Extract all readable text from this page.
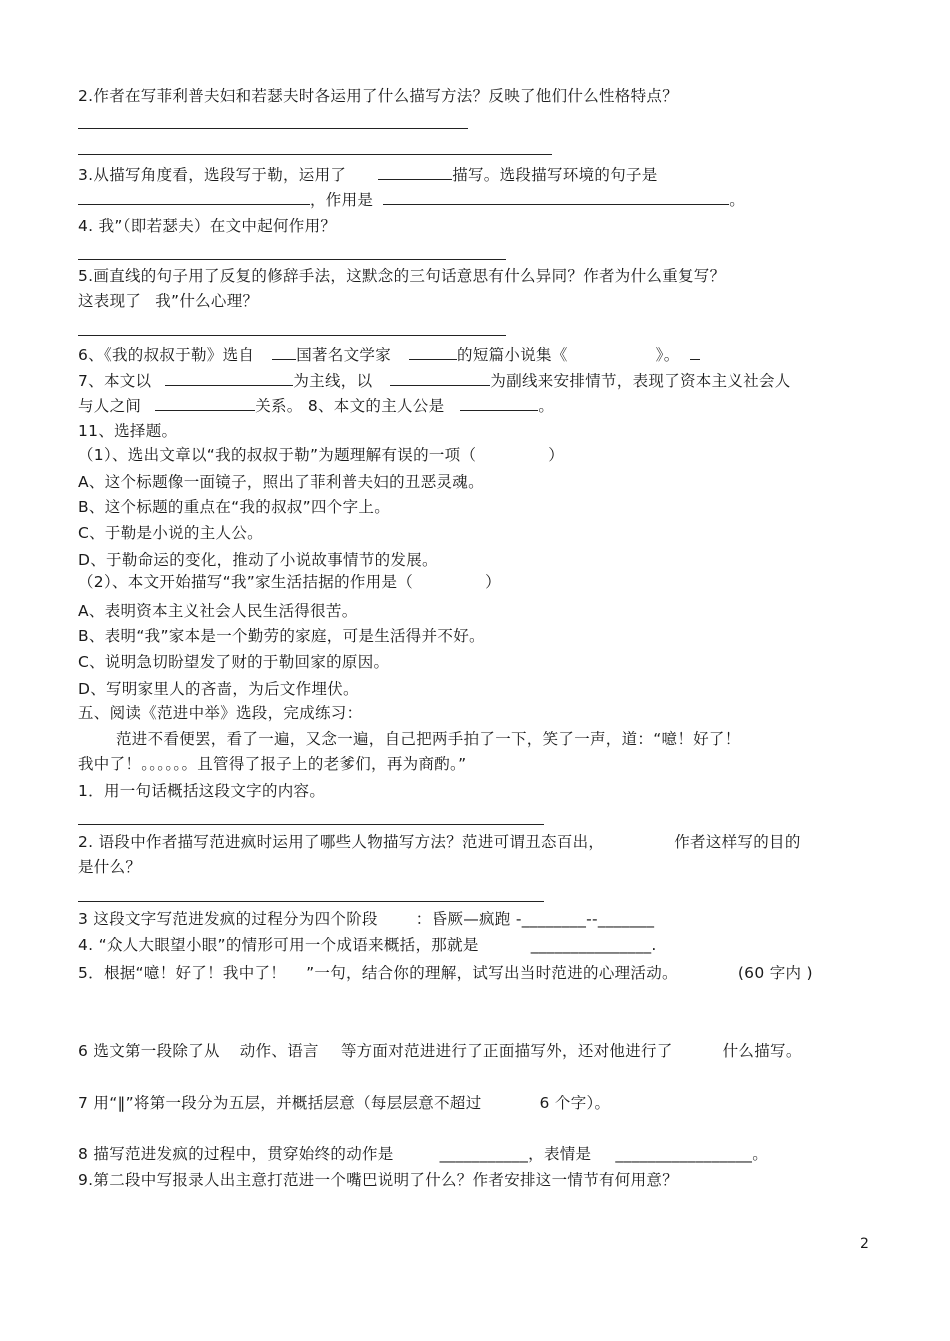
2.作者在写菲利普夫妇和若瑟夫时各运用了什么描写方法？反映了他们什么性格特点？
3.从描写角度看，选段写于勒，运用了	描写。选段描写环境的句子是
，作用是	。
4. 我”（即若瑟夫）在文中起何作用？
5.画直线的句子用了反复的修辞手法，这默念的三句话意思有什么异同？作者为什么重复写？
这表现了 我”什么心理？
6、《我的叔叔于勒》选自	国著名文学家	的短篇小说集《	》。
7、本文以	为主线，以	为副线来安排情节，表现了资本主义社会人
与人之间	关系。 8、本文的主人公是	。
11、选择题。
（1）、选出文章以“我的叔叔于勒”为题理解有误的一项（	）
A、这个标题像一面镜子，照出了菲利普夫妇的丑恶灵魂。
B、这个标题的重点在“我的叔叔”四个字上。
C、于勒是小说的主人公。
D、于勒命运的变化，推动了小说故事情节的发展。
（2）、本文开始描写“我”家生活拮据的作用是（	）
A、表明资本主义社会人民生活得很苦。
B、表明“我”家本是一个勤劳的家庭，可是生活得并不好。
C、说明急切盼望发了财的于勒回家的原因。
D、写明家里人的吝啬，为后文作埋伏。
五、阅读《范进中举》选段，完成练习：
范进不看便罢，看了一遍，又念一遍，自己把两手拍了一下，笑了一声，道：“噫！好了！
我中了！。。。。。。且管得了报子上的老爹们，再为商酌。”
1．用一句话概括这段文字的内容。
2. 语段中作者描写范进疯时运用了哪些人物描写方法？范进可谓丑态百出，	作者这样写的目的
是什么？
3 这段文字写范进发疯的过程分为四个阶段 ：昏厥—疯跑 -________--_______
4. “众人大眼望小眼”的情形可用一个成语来概括，那就是	_______________.
5．根据“噫！好了！我中了！ ”一句，结合你的理解，试写出当时范进的心理活动。	(60 字内 )
6 选文第一段除了从 动作、语言 等方面对范进进行了正面描写外，还对他进行了	什么描写。
7 用“‖”将第一段分为五层，并概括层意（每层层意不超过	6 个字）。
8 描写范进发疯的过程中，贯穿始终的动作是	___________，表情是 _________________。
9.第二段中写报录人出主意打范进一个嘴巴说明了什么？作者安排这一情节有何用意？
2
